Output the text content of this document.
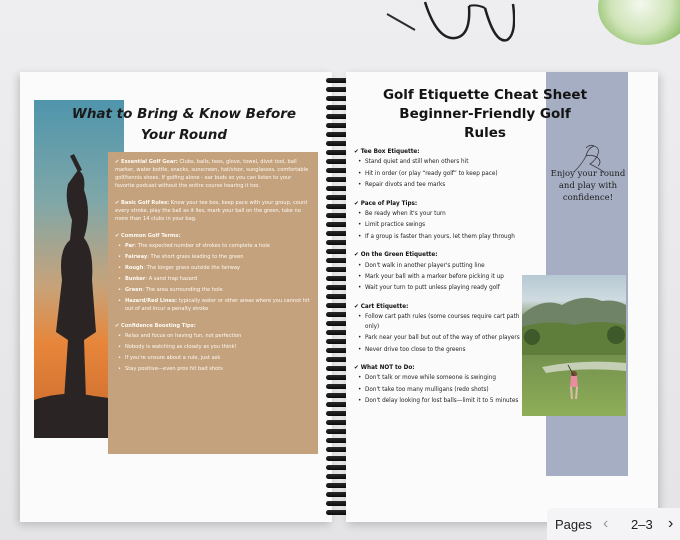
What to Bring & Know Before Your Round
✔ Essential Golf Gear: Clubs, balls, tees, glove, towel, divot tool, ball marker, water bottle, snacks, sunscreen, hat/visor, sunglasses, comfortable golf/tennis shoes. If golfing alone - ear buds so you can listen to your favorite podcast without the entire course hearing it too.
✔ Basic Golf Rules: Know your tee box, keep pace with your group, count every stroke, play the ball as it lies, mark your ball on the green, take no more than 14 clubs in your bag.
✔ Common Golf Terms:
• Par: The expected number of strokes to complete a hole
• Fairway: The short grass leading to the green
• Rough: The longer grass outside the fairway
• Bunker: A sand trap hazard
• Green: The area surrounding the hole
• Hazard/Red Lines: typically water or other areas where you cannot hit out of and incur a penalty stroke
✔ Confidence Boosting Tips:
• Relax and focus on having fun, not perfection
• Nobody is watching as closely as you think!
• If you're unsure about a rule, just ask
• Stay positive—even pros hit bad shots
Golf Etiquette Cheat Sheet
Beginner-Friendly Golf
Rules
Enjoy your round and play with confidence!
✔ Tee Box Etiquette:
• Stand quiet and still when others hit
• Hit in order (or play “ready golf” to keep pace)
• Repair divots and tee marks
✔ Pace of Play Tips:
• Be ready when it's your turn
• Limit practice swings
• If a group is faster than yours, let them play through
✔ On the Green Etiquette:
• Don't walk in another player's putting line
• Mark your ball with a marker before picking it up
• Wait your turn to putt unless playing ready golf
✔ Cart Etiquette:
• Follow cart path rules (some courses require cart path only)
• Park near your ball but out of the way of other players
• Never drive too close to the greens
✔ What NOT to Do:
• Don't talk or move while someone is swinging
• Don't take too many mulligans (redo shots)
• Don't delay looking for lost balls—limit it to 5 minutes
Pages ‹ 2–3 ›
